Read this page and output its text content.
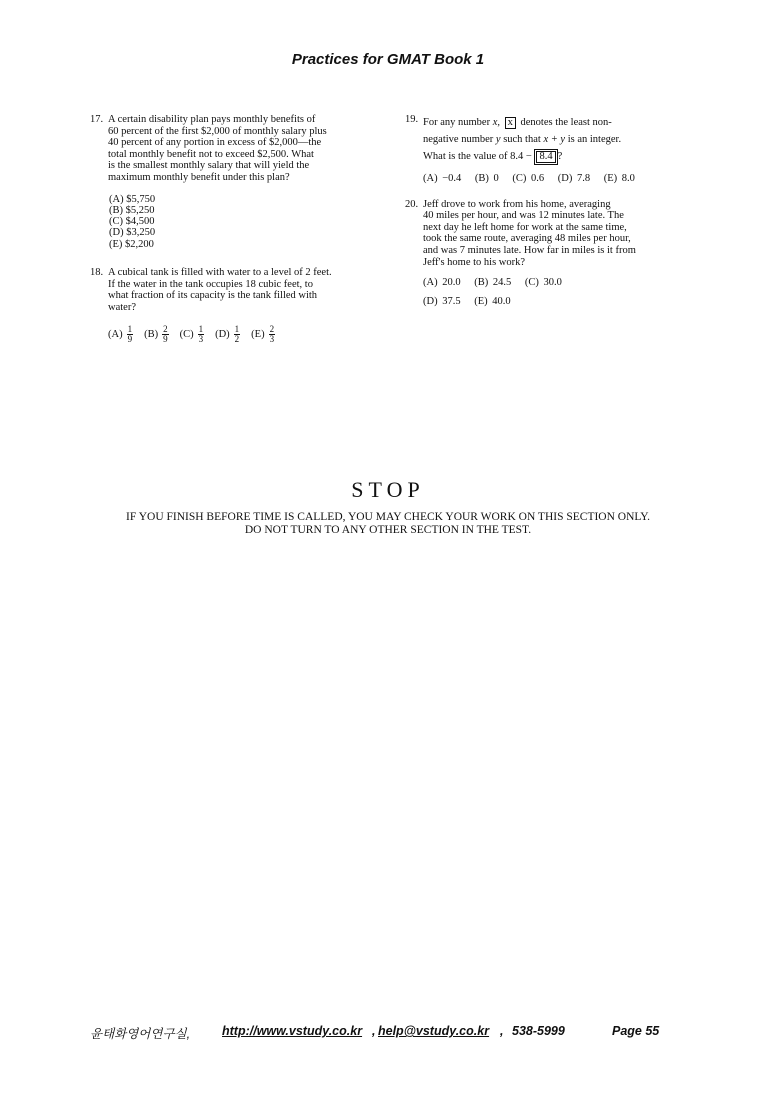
Practices for GMAT Book 1
17. A certain disability plan pays monthly benefits of
60 percent of the first $2,000 of monthly salary plus
40 percent of any portion in excess of $2,000—the
total monthly benefit not to exceed $2,500. What
is the smallest monthly salary that will yield the
maximum monthly benefit under this plan?
(A) $5,750
(B) $5,250
(C) $4,500
(D) $3,250
(E) $2,200
18. A cubical tank is filled with water to a level of 2 feet.
If the water in the tank occupies 18 cubic feet, to
what fraction of its capacity is the tank filled with
water?
$(A) \frac{1}{9} (B) \frac{2}{9} (C) \frac{1}{3} (D) \frac{1}{2} (E) \frac{2}{3}$
19. For any number x, x denotes the least non-
negative number y such that x + y is an integer.
What is the value of 8.4 − 8.4 ?
(A) −0.4 (B) 0 (C) 0.6 (D) 7.8 (E) 8.0
20. Jeff drove to work from his home, averaging
40 miles per hour, and was 12 minutes late. The
next day he left home for work at the same time,
took the same route, averaging 48 miles per hour,
and was 7 minutes late. How far in miles is it from
Jeff's home to his work?
(A) 20.0 (B) 24.5 (C) 30.0
(D) 37.5 (E) 40.0
STOP
IF YOU FINISH BEFORE TIME IS CALLED, YOU MAY CHECK YOUR WORK ON THIS SECTION ONLY.
DO NOT TURN TO ANY OTHER SECTION IN THE TEST.
윤태화영어연구실,	http://www.vstudy.co.kr , help@vstudy.co.kr , 538-5999	Page 55
